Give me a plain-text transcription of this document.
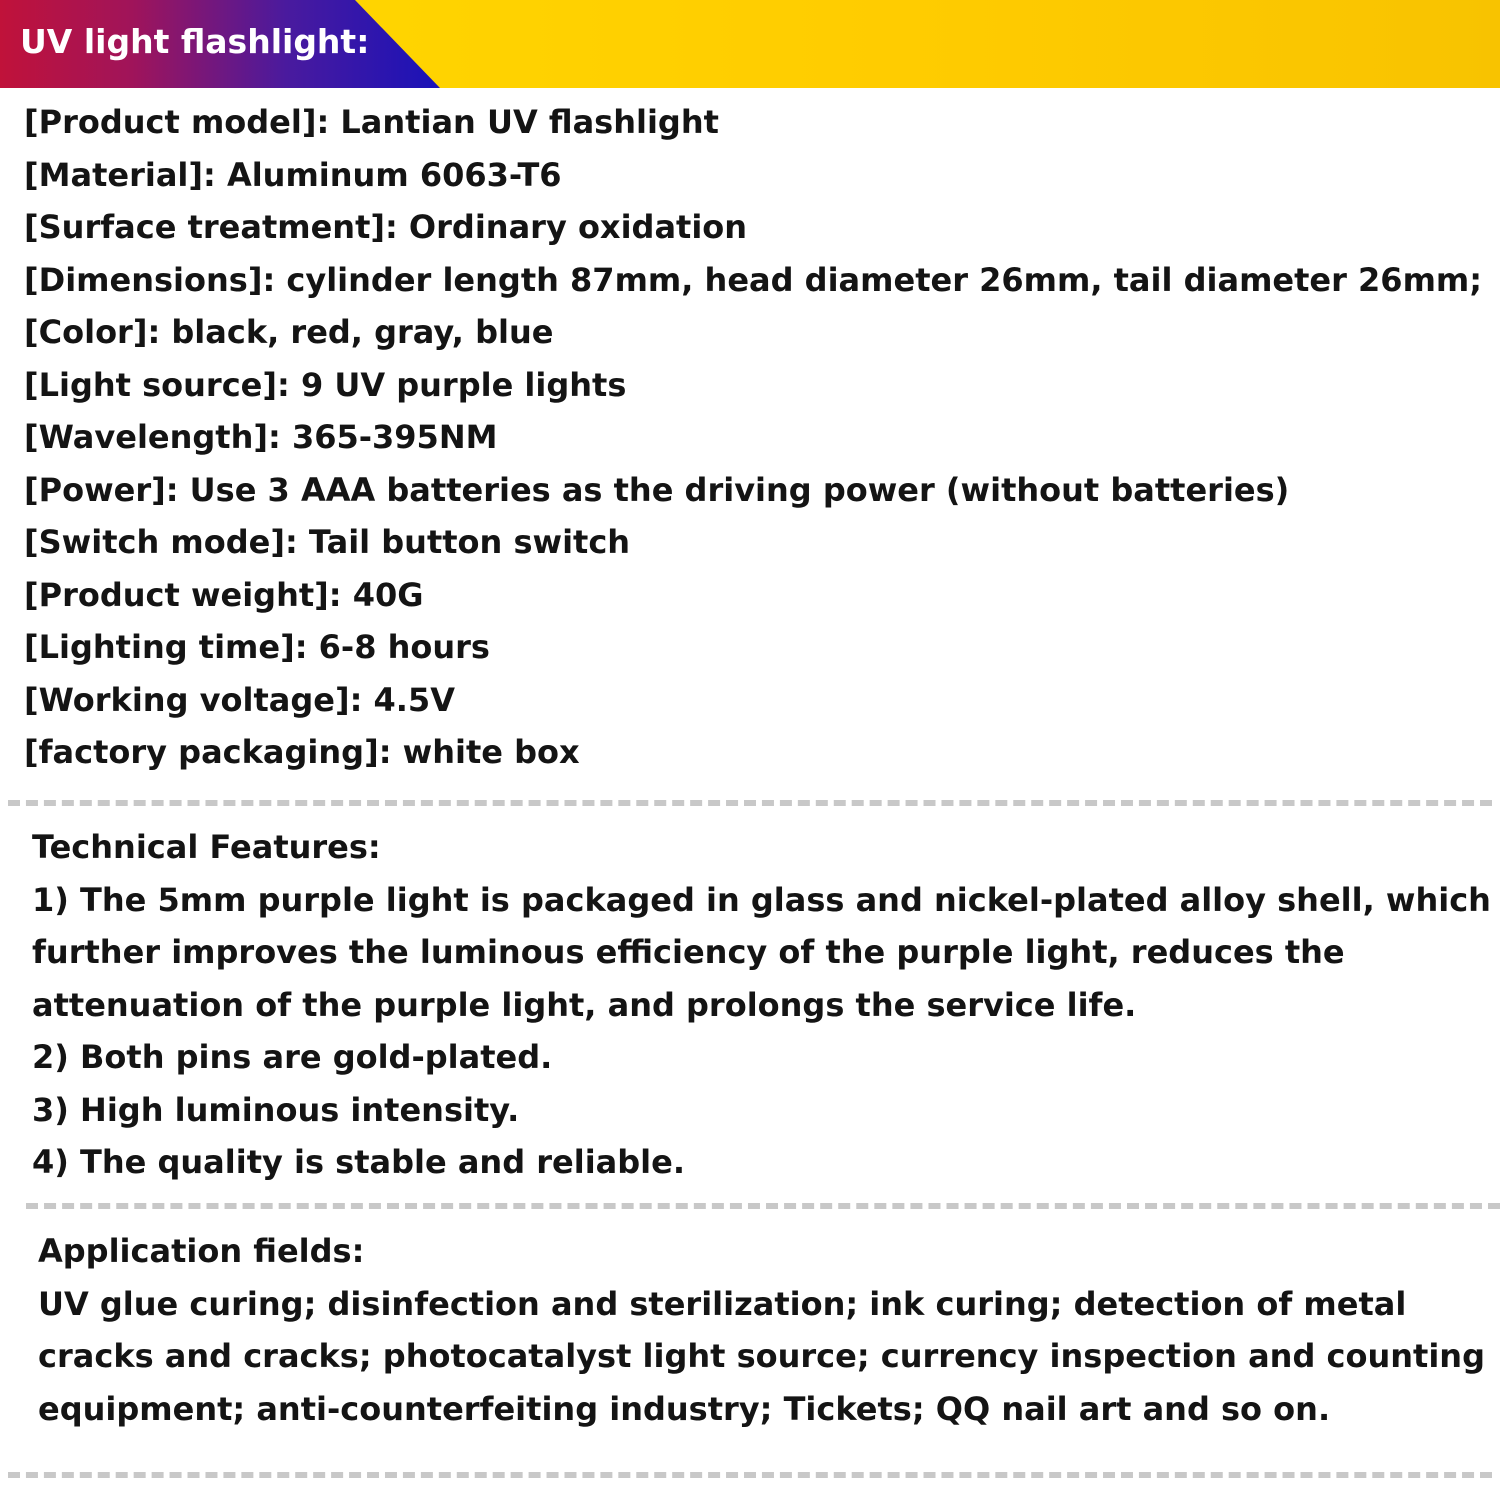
UV light flashlight:
[Product model]: Lantian UV flashlight
[Material]: Aluminum 6063-T6
[Surface treatment]: Ordinary oxidation
[Dimensions]: cylinder length 87mm, head diameter 26mm, tail diameter 26mm;
[Color]: black, red, gray, blue
[Light source]: 9 UV purple lights
[Wavelength]: 365-395NM
[Power]: Use 3 AAA batteries as the driving power (without batteries)
[Switch mode]: Tail button switch
[Product weight]: 40G
[Lighting time]: 6-8 hours
[Working voltage]: 4.5V
[factory packaging]: white box
Technical Features:
1) The 5mm purple light is packaged in glass and nickel-plated alloy shell, which
further improves the luminous efficiency of the purple light, reduces the
attenuation of the purple light, and prolongs the service life.
2) Both pins are gold-plated.
3) High luminous intensity.
4) The quality is stable and reliable.
Application fields:
UV glue curing; disinfection and sterilization; ink curing; detection of metal
cracks and cracks; photocatalyst light source; currency inspection and counting
equipment; anti-counterfeiting industry; Tickets; QQ nail art and so on.
